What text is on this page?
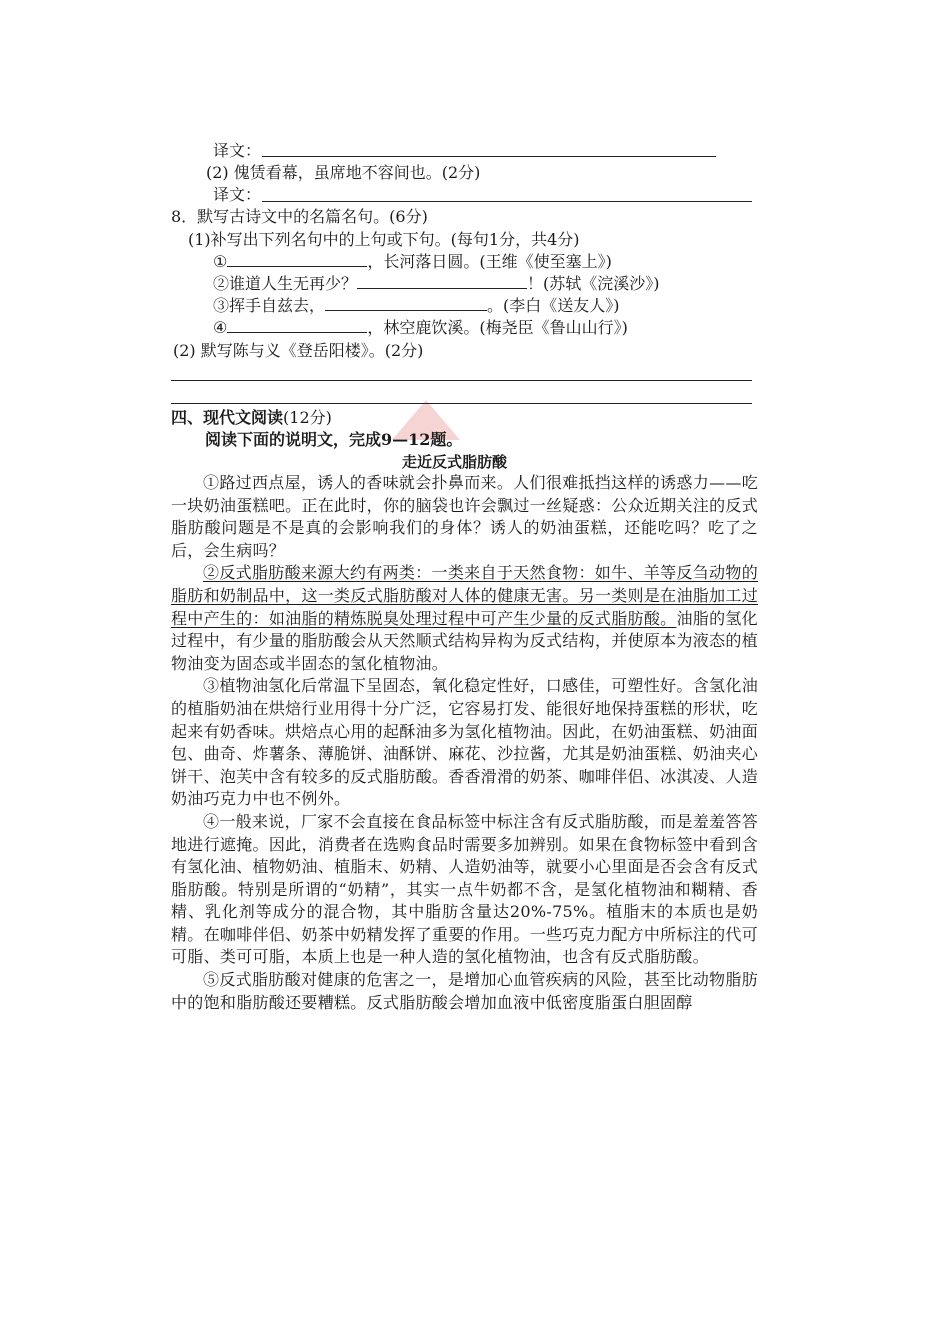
译文：
(2) 傀赁看幕，虽席地不容间也。(2分)
译文：
8．默写古诗文中的名篇名句。(6分)
(1)补写出下列名句中的上句或下句。(每句1分，共4分)
①	，长河落日圆。(王维《使至塞上》)
②谁道人生无再少？	！(苏轼《浣溪沙》)
③挥手自兹去，	。(李白《送友人》)
④	，林空鹿饮溪。(梅尧臣《鲁山山行》)
(2) 默写陈与义《登岳阳楼》。(2分)
四、现代文阅读(12分)
阅读下面的说明文，完成9—12题。
走近反式脂肪酸

①路过西点屋，诱人的香味就会扑鼻而来。人们很难抵挡这样的诱惑力——吃一块奶油蛋糕吧。正在此时，你的脑袋也许会飘过一丝疑惑：公众近期关注的反式脂肪酸问题是不是真的会影响我们的身体？诱人的奶油蛋糕，还能吃吗？吃了之后，会生病吗？

②反式脂肪酸来源大约有两类：一类来自于天然食物：如牛、羊等反刍动物的脂肪和奶制品中，这一类反式脂肪酸对人体的健康无害。另一类则是在油脂加工过程中产生的：如油脂的精炼脱臭处理过程中可产生少量的反式脂肪酸。油脂的氢化过程中，有少量的脂肪酸会从天然顺式结构异构为反式结构，并使原本为液态的植物油变为固态或半固态的氢化植物油。

③植物油氢化后常温下呈固态，氧化稳定性好，口感佳，可塑性好。含氢化油的植脂奶油在烘焙行业用得十分广泛，它容易打发、能很好地保持蛋糕的形状，吃起来有奶香味。烘焙点心用的起酥油多为氢化植物油。因此，在奶油蛋糕、奶油面包、曲奇、炸薯条、薄脆饼、油酥饼、麻花、沙拉酱，尤其是奶油蛋糕、奶油夹心饼干、泡芙中含有较多的反式脂肪酸。香香滑滑的奶茶、咖啡伴侣、冰淇凌、人造奶油巧克力中也不例外。

④一般来说，厂家不会直接在食品标签中标注含有反式脂肪酸，而是羞羞答答地进行遮掩。因此，消费者在选购食品时需要多加辨别。如果在食物标签中看到含有氢化油、植物奶油、植脂末、奶精、人造奶油等，就要小心里面是否会含有反式脂肪酸。特别是所谓的“奶精”，其实一点牛奶都不含，是氢化植物油和糊精、香精、乳化剂等成分的混合物，其中脂肪含量达20%-75%。植脂末的本质也是奶精。在咖啡伴侣、奶茶中奶精发挥了重要的作用。一些巧克力配方中所标注的代可可脂、类可可脂，本质上也是一种人造的氢化植物油，也含有反式脂肪酸。

⑤反式脂肪酸对健康的危害之一，是增加心血管疾病的风险，甚至比动物脂肪中的饱和脂肪酸还要糟糕。反式脂肪酸会增加血液中低密度脂蛋白胆固醇
